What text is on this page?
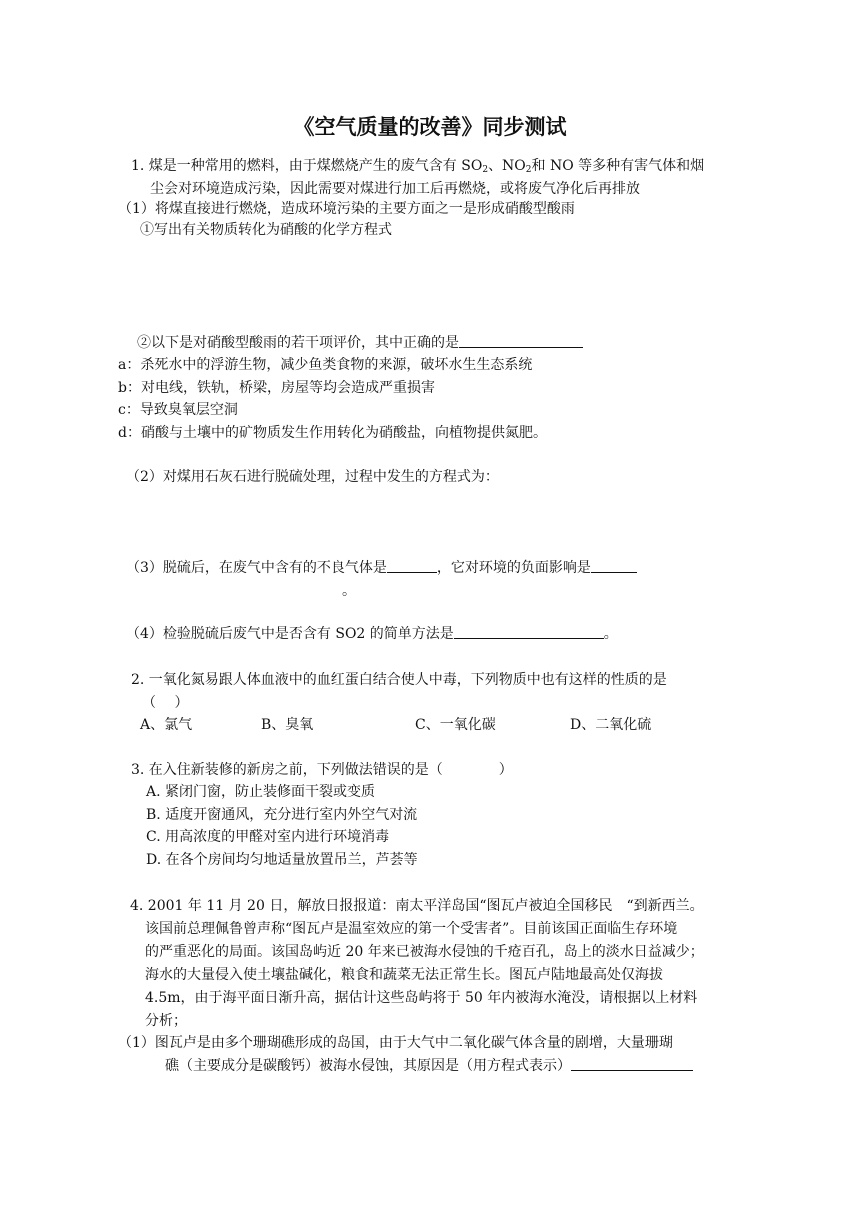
《空气质量的改善》同步测试
1. 煤是一种常用的燃料，由于煤燃烧产生的废气含有 $SO_2$、$NO_2$和 NO 等多种有害气体和烟
尘会对环境造成污染，因此需要对煤进行加工后再燃烧，或将废气净化后再排放
（1）将煤直接进行燃烧，造成环境污染的主要方面之一是形成硝酸型酸雨
①写出有关物质转化为硝酸的化学方程式
②以下是对硝酸型酸雨的若干项评价，其中正确的是
a：杀死水中的浮游生物，减少鱼类食物的来源，破坏水生生态系统
b：对电线，铁轨，桥梁，房屋等均会造成严重损害
c：导致臭氧层空洞
d：硝酸与土壤中的矿物质发生作用转化为硝酸盐，向植物提供氮肥。
（2）对煤用石灰石进行脱硫处理，过程中发生的方程式为：
（3）脱硫后，在废气中含有的不良气体是	，它对环境的负面影响是
。
（4）检验脱硫后废气中是否含有 SO2 的简单方法是	。
2. 一氧化氮易跟人体血液中的血红蛋白结合使人中毒，下列物质中也有这样的性质的是
（　 ）
A、氯气	B、臭氧	C、一氧化碳	D、二氧化硫
3. 在入住新装修的新房之前，下列做法错误的是（　　　　）
A. 紧闭门窗，防止装修面干裂或变质
B. 适度开窗通风，充分进行室内外空气对流
C. 用高浓度的甲醛对室内进行环境消毒
D. 在各个房间均匀地适量放置吊兰，芦荟等
4. 2001 年 11 月 20 日，解放日报报道：南太平洋岛国“图瓦卢被迫全国移民　“到新西兰。
该国前总理佩鲁曾声称“图瓦卢是温室效应的第一个受害者”。目前该国正面临生存环境
的严重恶化的局面。该国岛屿近 20 年来已被海水侵蚀的千疮百孔，岛上的淡水日益减少；
海水的大量侵入使土壤盐碱化，粮食和蔬菜无法正常生长。图瓦卢陆地最高处仅海拔
4.5m，由于海平面日渐升高，据估计这些岛屿将于 50 年内被海水淹没，请根据以上材料
分析；
（1）图瓦卢是由多个珊瑚礁形成的岛国，由于大气中二氧化碳气体含量的剧增，大量珊瑚
礁（主要成分是碳酸钙）被海水侵蚀，其原因是（用方程式表示）
